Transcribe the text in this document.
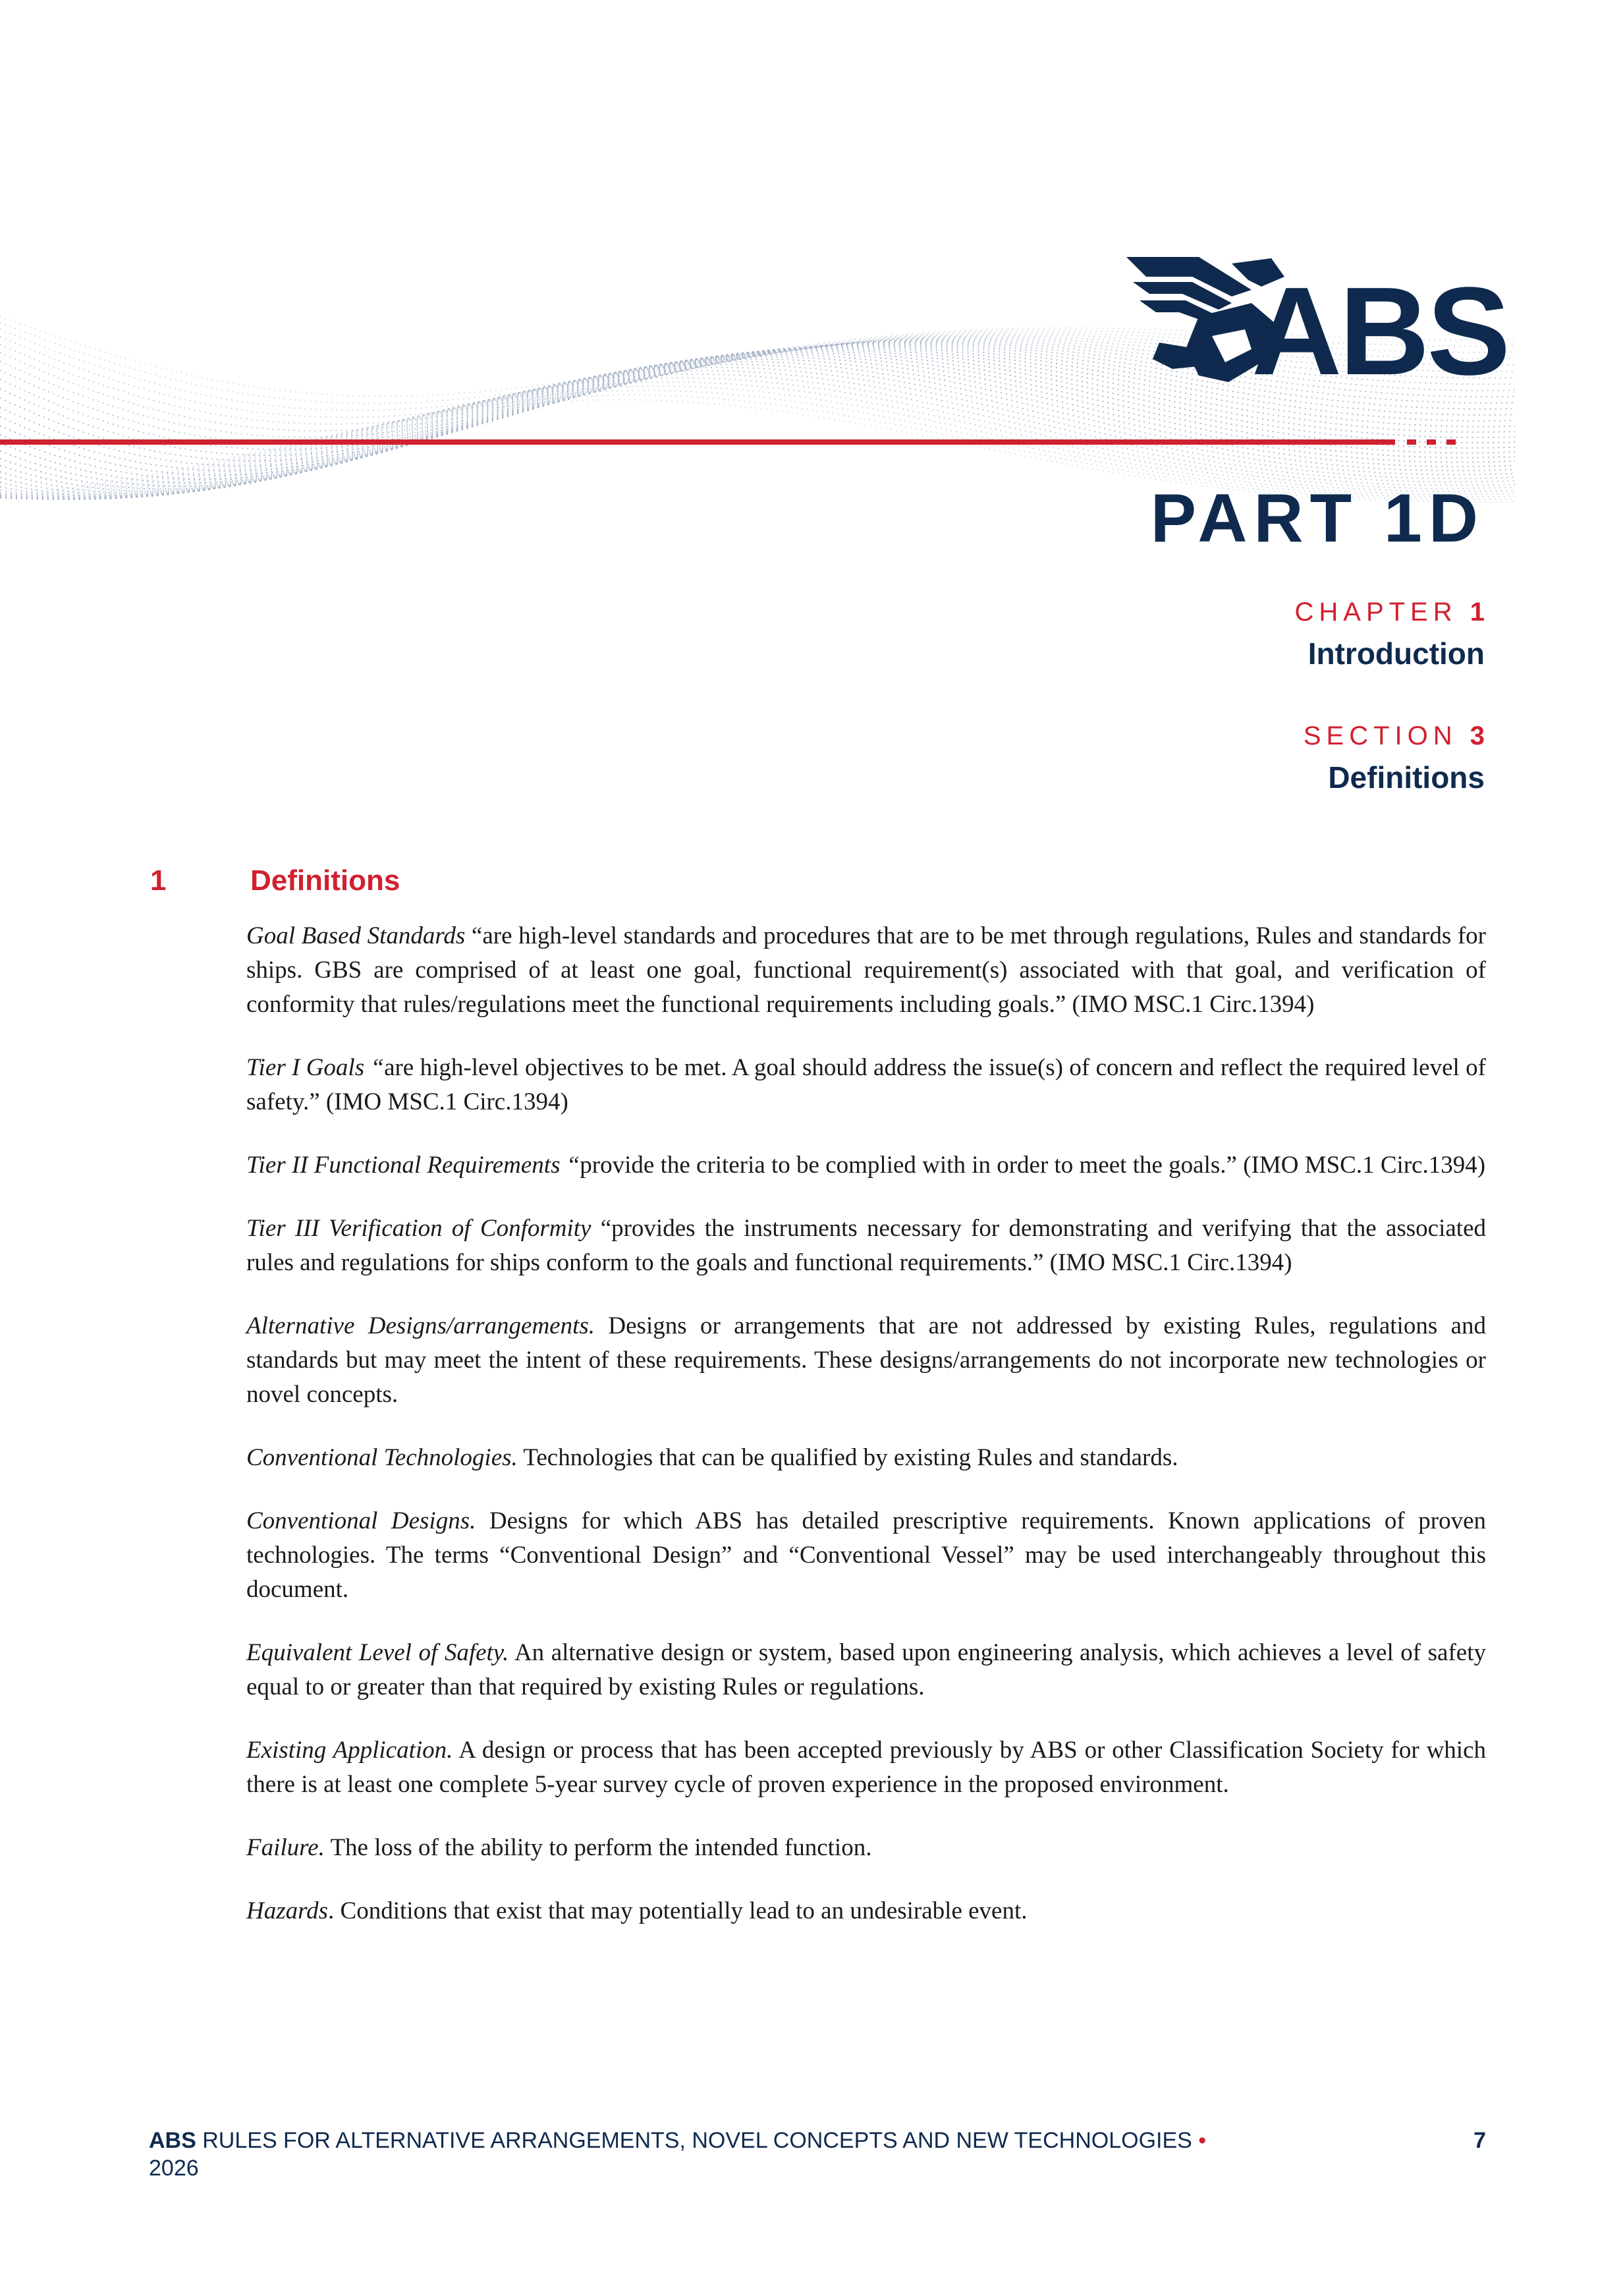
ABS
PART 1D
CHAPTER 1
Introduction
SECTION 3
Definitions
1	Definitions

Goal Based Standards “are high-level standards and procedures that are to be met through regulations, Rules and standards for ships. GBS are comprised of at least one goal, functional requirement(s) associated with that goal, and verification of conformity that rules/regulations meet the functional requirements including goals.” (IMO MSC.1 Circ.1394)

Tier I Goals “are high-level objectives to be met. A goal should address the issue(s) of concern and reflect the required level of safety.” (IMO MSC.1 Circ.1394)

Tier II Functional Requirements “provide the criteria to be complied with in order to meet the goals.” (IMO MSC.1 Circ.1394)

Tier III Verification of Conformity “provides the instruments necessary for demonstrating and verifying that the associated rules and regulations for ships conform to the goals and functional requirements.” (IMO MSC.1 Circ.1394)

Alternative Designs/arrangements. Designs or arrangements that are not addressed by existing Rules, regulations and standards but may meet the intent of these requirements. These designs/arrangements do not incorporate new technologies or novel concepts.

Conventional Technologies. Technologies that can be qualified by existing Rules and standards.

Conventional Designs. Designs for which ABS has detailed prescriptive requirements. Known applications of proven technologies. The terms “Conventional Design” and “Conventional Vessel” may be used interchangeably throughout this document.

Equivalent Level of Safety. An alternative design or system, based upon engineering analysis, which achieves a level of safety equal to or greater than that required by existing Rules or regulations.

Existing Application. A design or process that has been accepted previously by ABS or other Classification Society for which there is at least one complete 5-year survey cycle of proven experience in the proposed environment.

Failure. The loss of the ability to perform the intended function.

Hazards. Conditions that exist that may potentially lead to an undesirable event.

ABS RULES FOR ALTERNATIVE ARRANGEMENTS, NOVEL CONCEPTS AND NEW TECHNOLOGIES •
2026
7
